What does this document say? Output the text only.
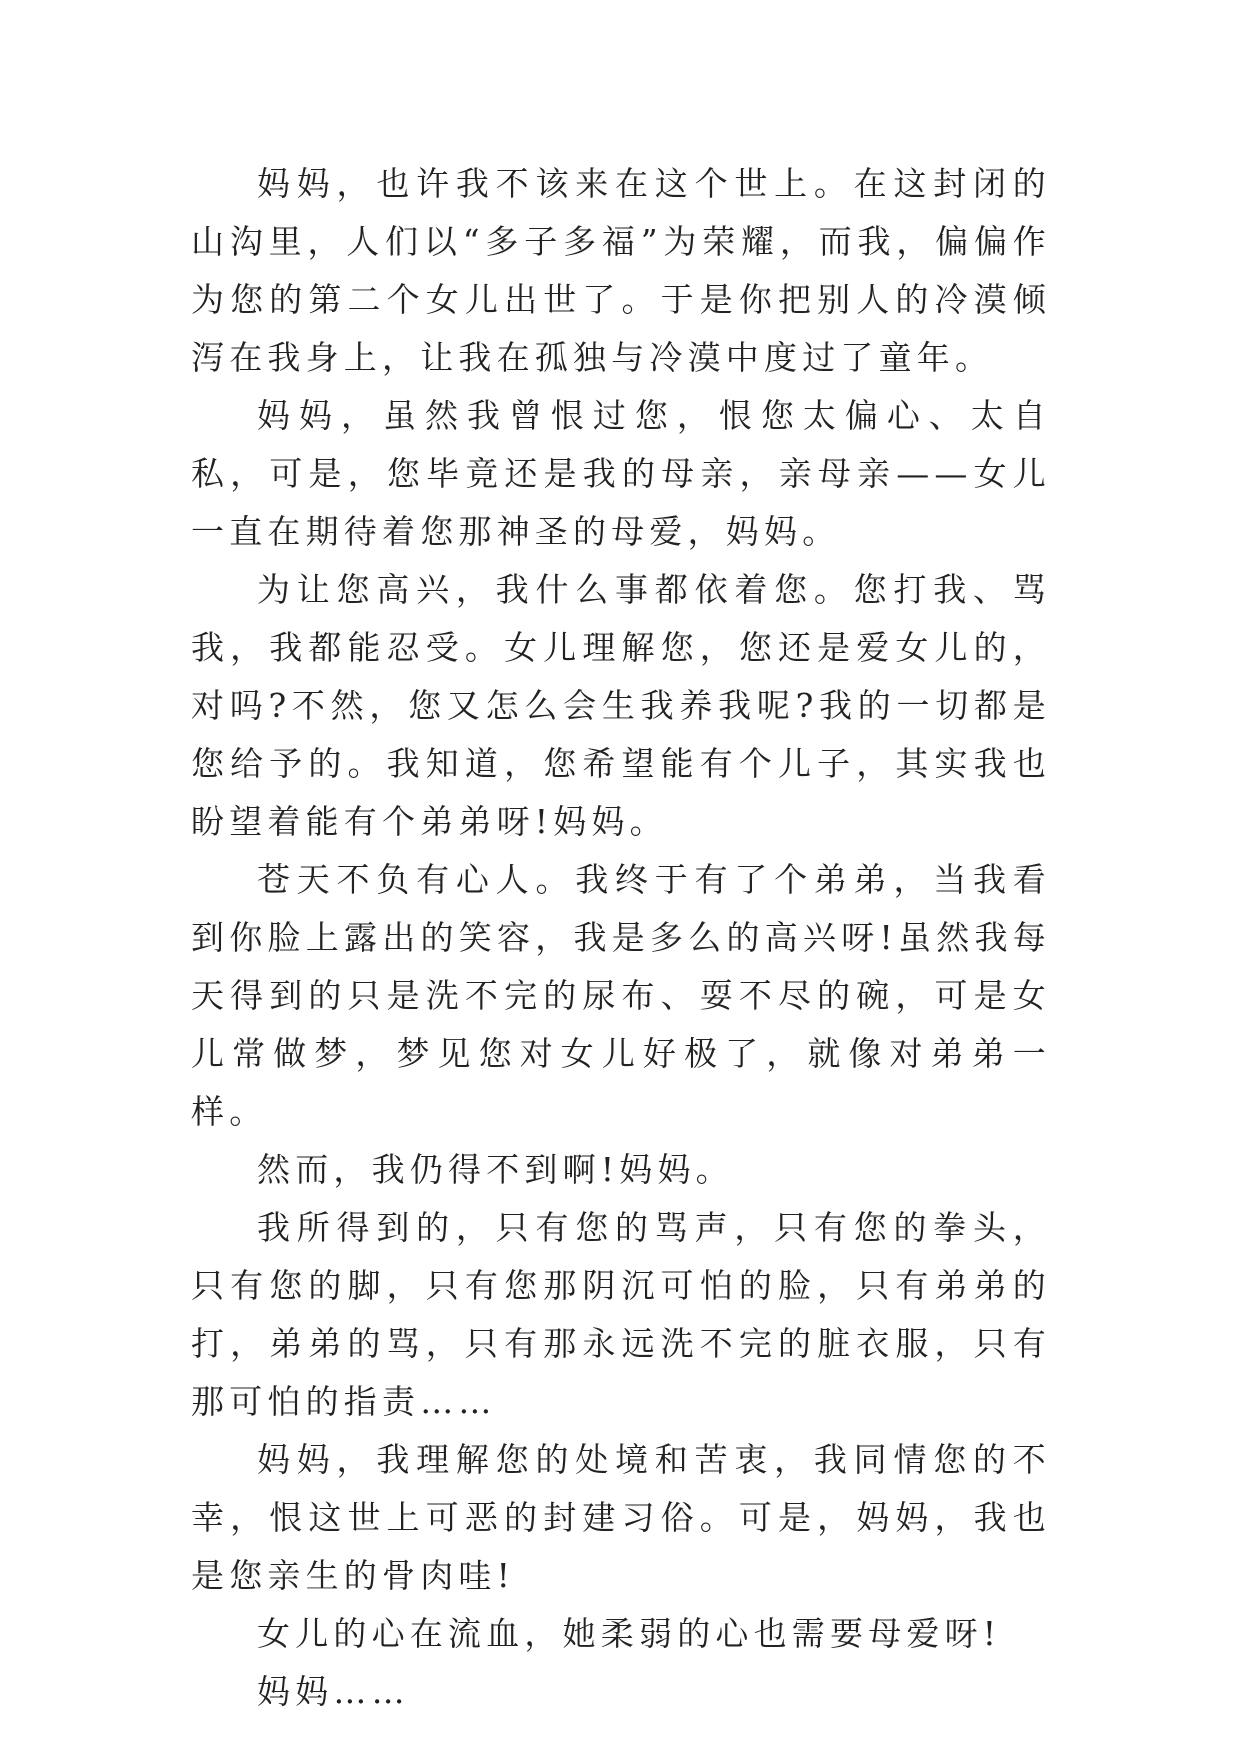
妈妈，也许我不该来在这个世上。在这封闭的山沟里，人们以“多子多福”为荣耀，而我，偏偏作为您的第二个女儿出世了。于是你把别人的冷漠倾泻在我身上，让我在孤独与冷漠中度过了童年。

妈妈，虽然我曾恨过您，恨您太偏心、太自私，可是，您毕竟还是我的母亲，亲母亲——女儿一直在期待着您那神圣的母爱，妈妈。

为让您高兴，我什么事都依着您。您打我、骂我，我都能忍受。女儿理解您，您还是爱女儿的，对吗?不然，您又怎么会生我养我呢?我的一切都是您给予的。我知道，您希望能有个儿子，其实我也盼望着能有个弟弟呀!妈妈。

苍天不负有心人。我终于有了个弟弟，当我看到你脸上露出的笑容，我是多么的高兴呀!虽然我每天得到的只是洗不完的尿布、耍不尽的碗，可是女儿常做梦，梦见您对女儿好极了，就像对弟弟一样。

然而，我仍得不到啊!妈妈。

我所得到的，只有您的骂声，只有您的拳头，只有您的脚，只有您那阴沉可怕的脸，只有弟弟的打，弟弟的骂，只有那永远洗不完的脏衣服，只有那可怕的指责……

妈妈，我理解您的处境和苦衷，我同情您的不幸，恨这世上可恶的封建习俗。可是，妈妈，我也是您亲生的骨肉哇!

女儿的心在流血，她柔弱的心也需要母爱呀!

妈妈……
